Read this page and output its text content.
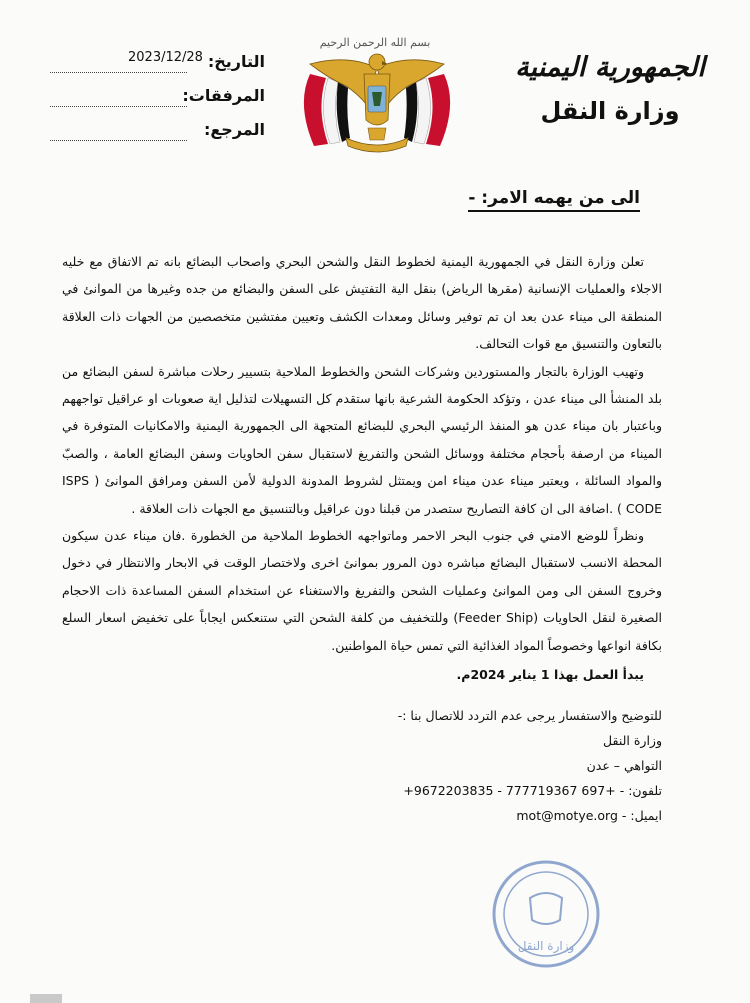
الجمهورية اليمنية
وزارة النقل
بسم الله الرحمن الرحيم
التاريخ:
2023/12/28
المرفقات:
المرجع:
الى من يهمه الامر: -

تعلن وزارة النقل في الجمهورية اليمنية لخطوط النقل والشحن البحري واصحاب البضائع بانه تم الاتفاق مع خليه الاجلاء والعمليات الإنسانية (مقرها الرياض) بنقل الية التفتيش على السفن والبضائع من جده وغيرها من الموانئ في المنطقة الى ميناء عدن بعد ان تم توفير وسائل ومعدات الكشف وتعيين مفتشين متخصصين من الجهات ذات العلاقة بالتعاون والتنسيق مع قوات التحالف.

وتهيب الوزارة بالتجار والمستوردين وشركات الشحن والخطوط الملاحية بتسيير رحلات مباشرة لسفن البضائع من بلد المنشأ الى ميناء عدن ، وتؤكد الحكومة الشرعية بانها ستقدم كل التسهيلات لتذليل اية صعوبات او عراقيل تواجههم وباعتبار بان ميناء عدن هو المنفذ الرئيسي البحري للبضائع المتجهة الى الجمهورية اليمنية والامكانيات المتوفرة في الميناء من ارصفة بأحجام مختلفة ووسائل الشحن والتفريغ لاستقبال سفن الحاويات وسفن البضائع العامة ، والصبّ والمواد السائلة ، ويعتبر ميناء عدن ميناء امن ويمتثل لشروط المدونة الدولية لأمن السفن ومرافق الموانئ ( ISPS CODE ) .اضافة الى ان كافة التصاريح ستصدر من قبلنا دون عراقيل وبالتنسيق مع الجهات ذات العلاقة .

ونظراً للوضع الامني في جنوب البحر الاحمر وماتواجهه الخطوط الملاحية من الخطورة .فان ميناء عدن سيكون المحطة الانسب لاستقبال البضائع مباشره دون المرور بموانئ اخرى ولاختصار الوقت في الابحار والانتظار في دخول وخروج السفن الى ومن الموانئ وعمليات الشحن والتفريغ والاستغناء عن استخدام السفن المساعدة ذات الاحجام الصغيرة لنقل الحاويات (Feeder Ship) وللتخفيف من كلفة الشحن التي ستنعكس ايجاباً على تخفيض اسعار السلع بكافة انواعها وخصوصاً المواد الغذائية التي تمس حياة المواطنين.

يبدأ العمل بهذا 1 يناير 2024م.

للتوضيح والاستفسار يرجى عدم التردد للاتصال بنا :-
وزارة النقل
التواهي – عدن
تلفون: - +9672203835 - 777719367 697+
ايميل: - mot@motye.org
وزارة النقل
